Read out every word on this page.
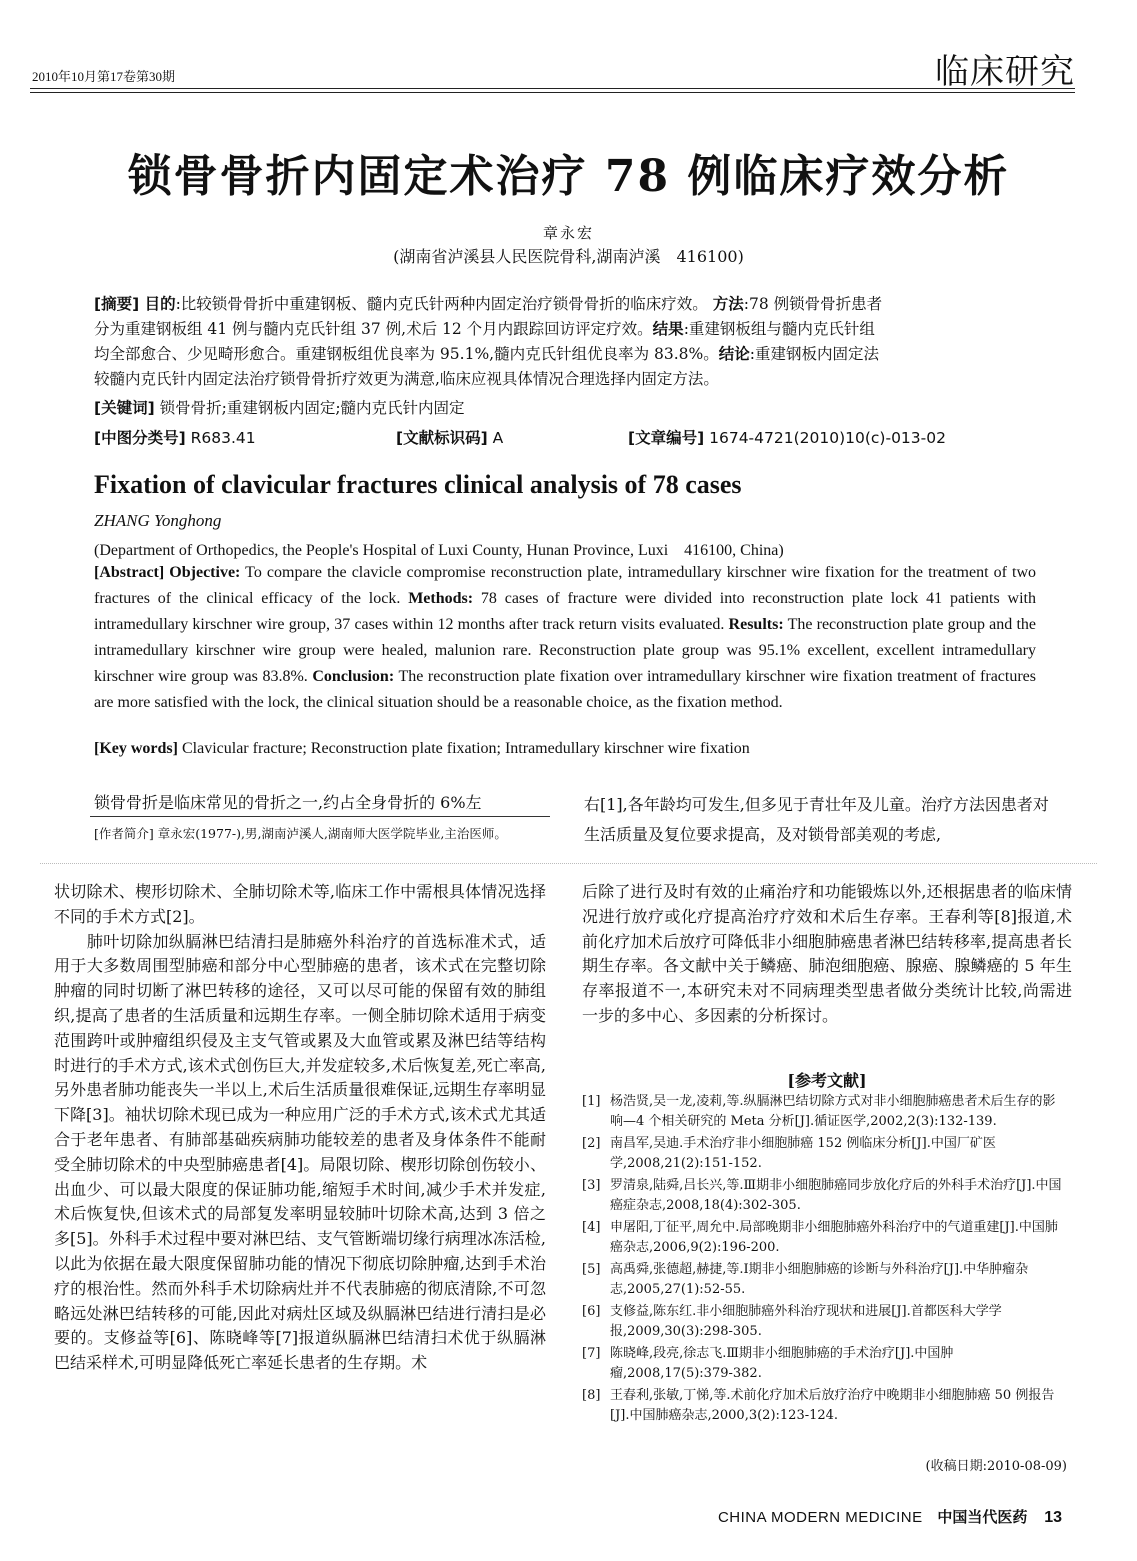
2010年10月第17卷第30期	临床研究
锁骨骨折内固定术治疗 78 例临床疗效分析
章永宏
(湖南省泸溪县人民医院骨科,湖南泸溪　416100)
[摘要] 目的:比较锁骨骨折中重建钢板、髓内克氏针两种内固定治疗锁骨骨折的临床疗效。 方法:78 例锁骨骨折患者
分为重建钢板组 41 例与髓内克氏针组 37 例,术后 12 个月内跟踪回访评定疗效。结果:重建钢板组与髓内克氏针组
均全部愈合、少见畸形愈合。重建钢板组优良率为 95.1%,髓内克氏针组优良率为 83.8%。结论:重建钢板内固定法
较髓内克氏针内固定法治疗锁骨骨折疗效更为满意,临床应视具体情况合理选择内固定方法。
[关键词] 锁骨骨折;重建钢板内固定;髓内克氏针内固定
[中图分类号] R683.41	[文献标识码] A	[文章编号] 1674-4721(2010)10(c)-013-02
Fixation of clavicular fractures clinical analysis of 78 cases
ZHANG Yonghong
(Department of Orthopedics, the People's Hospital of Luxi County, Hunan Province, Luxi　416100, China)
[Abstract] Objective: To compare the clavicle compromise reconstruction plate, intramedullary kirschner wire fixation for the treatment of two fractures of the clinical efficacy of the lock. Methods: 78 cases of fracture were divided into reconstruction plate lock 41 patients with intramedullary kirschner wire group, 37 cases within 12 months after track return visits evaluated. Results: The reconstruction plate group and the intramedullary kirschner wire group were healed, malunion rare. Reconstruction plate group was 95.1% excellent, excellent intramedullary kirschner wire group was 83.8%. Conclusion: The reconstruction plate fixation over intramedullary kirschner wire fixation treatment of fractures are more satisfied with the lock, the clinical situation should be a reasonable choice, as the fixation method.
[Key words] Clavicular fracture; Reconstruction plate fixation; Intramedullary kirschner wire fixation
锁骨骨折是临床常见的骨折之一,约占全身骨折的 6%左
[作者简介] 章永宏(1977-),男,湖南泸溪人,湖南师大医学院毕业,主治医师。
右[1],各年龄均可发生,但多见于青壮年及儿童。治疗方法因患者对生活质量及复位要求提高，及对锁骨部美观的考虑,

状切除术、楔形切除术、全肺切除术等,临床工作中需根具体情况选择不同的手术方式[2]。

　　肺叶切除加纵膈淋巴结清扫是肺癌外科治疗的首选标准术式，适用于大多数周围型肺癌和部分中心型肺癌的患者，该术式在完整切除肿瘤的同时切断了淋巴转移的途径，又可以尽可能的保留有效的肺组织,提高了患者的生活质量和远期生存率。一侧全肺切除术适用于病变范围跨叶或肿瘤组织侵及主支气管或累及大血管或累及淋巴结等结构时进行的手术方式,该术式创伤巨大,并发症较多,术后恢复差,死亡率高,另外患者肺功能丧失一半以上,术后生活质量很难保证,远期生存率明显下降[3]。袖状切除术现已成为一种应用广泛的手术方式,该术式尤其适合于老年患者、有肺部基础疾病肺功能较差的患者及身体条件不能耐受全肺切除术的中央型肺癌患者[4]。局限切除、楔形切除创伤较小、出血少、可以最大限度的保证肺功能,缩短手术时间,减少手术并发症,术后恢复快,但该术式的局部复发率明显较肺叶切除术高,达到 3 倍之多[5]。外科手术过程中要对淋巴结、支气管断端切缘行病理冰冻活检,以此为依据在最大限度保留肺功能的情况下彻底切除肿瘤,达到手术治疗的根治性。然而外科手术切除病灶并不代表肺癌的彻底清除,不可忽略远处淋巴结转移的可能,因此对病灶区域及纵膈淋巴结进行清扫是必要的。支修益等[6]、陈晓峰等[7]报道纵膈淋巴结清扫术优于纵膈淋巴结采样术,可明显降低死亡率延长患者的生存期。术

后除了进行及时有效的止痛治疗和功能锻炼以外,还根据患者的临床情况进行放疗或化疗提高治疗疗效和术后生存率。王春利等[8]报道,术前化疗加术后放疗可降低非小细胞肺癌患者淋巴结转移率,提高患者长期生存率。各文献中关于鳞癌、肺泡细胞癌、腺癌、腺鳞癌的 5 年生存率报道不一,本研究未对不同病理类型患者做分类统计比较,尚需进一步的多中心、多因素的分析探讨。

[参考文献]
[1] 杨浩贤,吴一龙,凌莉,等.纵膈淋巴结切除方式对非小细胞肺癌患者术后生存的影响—4 个相关研究的 Meta 分析[J].循证医学,2002,2(3):132-139.
[2] 南昌军,吴迪.手术治疗非小细胞肺癌 152 例临床分析[J].中国厂矿医学,2008,21(2):151-152.
[3] 罗清泉,陆舜,吕长兴,等.Ⅲ期非小细胞肺癌同步放化疗后的外科手术治疗[J].中国癌症杂志,2008,18(4):302-305.
[4] 申屠阳,丁征平,周允中.局部晚期非小细胞肺癌外科治疗中的气道重建[J].中国肺癌杂志,2006,9(2):196-200.
[5] 高禹舜,张德超,赫捷,等.Ⅰ期非小细胞肺癌的诊断与外科治疗[J].中华肿瘤杂志,2005,27(1):52-55.
[6] 支修益,陈东红.非小细胞肺癌外科治疗现状和进展[J].首都医科大学学报,2009,30(3):298-305.
[7] 陈晓峰,段亮,徐志飞.Ⅲ期非小细胞肺癌的手术治疗[J].中国肿瘤,2008,17(5):379-382.
[8] 王春利,张敏,丁悌,等.术前化疗加术后放疗治疗中晚期非小细胞肺癌 50 例报告[J].中国肺癌杂志,2000,3(2):123-124.
(收稿日期:2010-08-09)
CHINA MODERN MEDICINE 中国当代医药 13
